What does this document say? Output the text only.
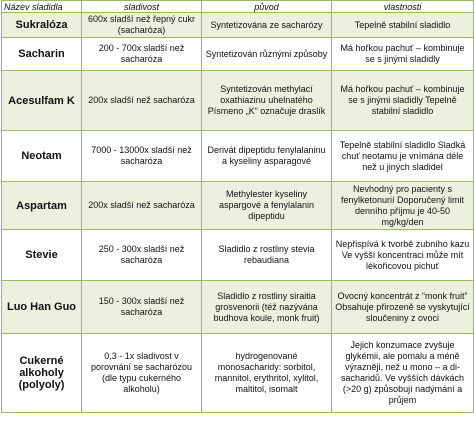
Název sladidla	sladivost	původ	vlastnosti
Sukralóza	600x sladší než řepný cukr (sacharóza)	Syntetizována ze sacharózy	Tepelně stabilní sladidlo
Sacharin	200 - 700x sladší než sacharóza	Syntetizován různými způsoby	Má hořkou pachuť – kombinuje se s jinými sladidly
Acesulfam K	200x sladší než sacharóza	Syntetizován methylací oxathiazinu uhelnatého Písmeno „K“ označuje draslík	Má hořkou pachuť – kombinuje se s jinými sladidly Tepelně stabilní sladidlo
Neotam	7000 - 13000x sladší než sacharóza	Derivát dipeptidu fenylalaninu a kyseliny asparagové	Tepelně stabilní sladidlo Sladká chuť neotamu je vnímána déle než u jiných sladidel
Aspartam	200x sladší než sacharóza	Methylester kyseliny aspargové a fenylalanin dipeptidu	Nevhodný pro pacienty s fenylketonurií Doporučený limit denního příjmu je 40-50 mg/kg/den
Stevie	250 - 300x sladší než sacharóza	Sladidlo z rostliny stevia rebaudiana	Nepřispívá k tvorbě zubního kazu Ve vyšší koncentraci může mít lékořicovou pichuť
Luo Han Guo	150 - 300x sladší než sacharóza	Sladidlo z rostliny siraitia grosvenorii (též nazývána budhova koule, monk fruit)	Ovocný koncentrát z “monk fruit” Obsahuje přirozeně se vyskytující sloučeniny z ovoci
Cukerné alkoholy (polyoly)	0,3 - 1x sladivost v porovnání se sacharózou (dle typu cukerného alkoholu)	hydrogenované monosacharidy: sorbitol, mannitol, erythritol, xylitol, maltitol, isomalt	Jejich konzumace zvyšuje glykémii, ale pomalu a méně výrazněji, než u mono – a di-sacharidů. Ve vyšších dávkách (>20 g) způsobují nadýmání a průjem
